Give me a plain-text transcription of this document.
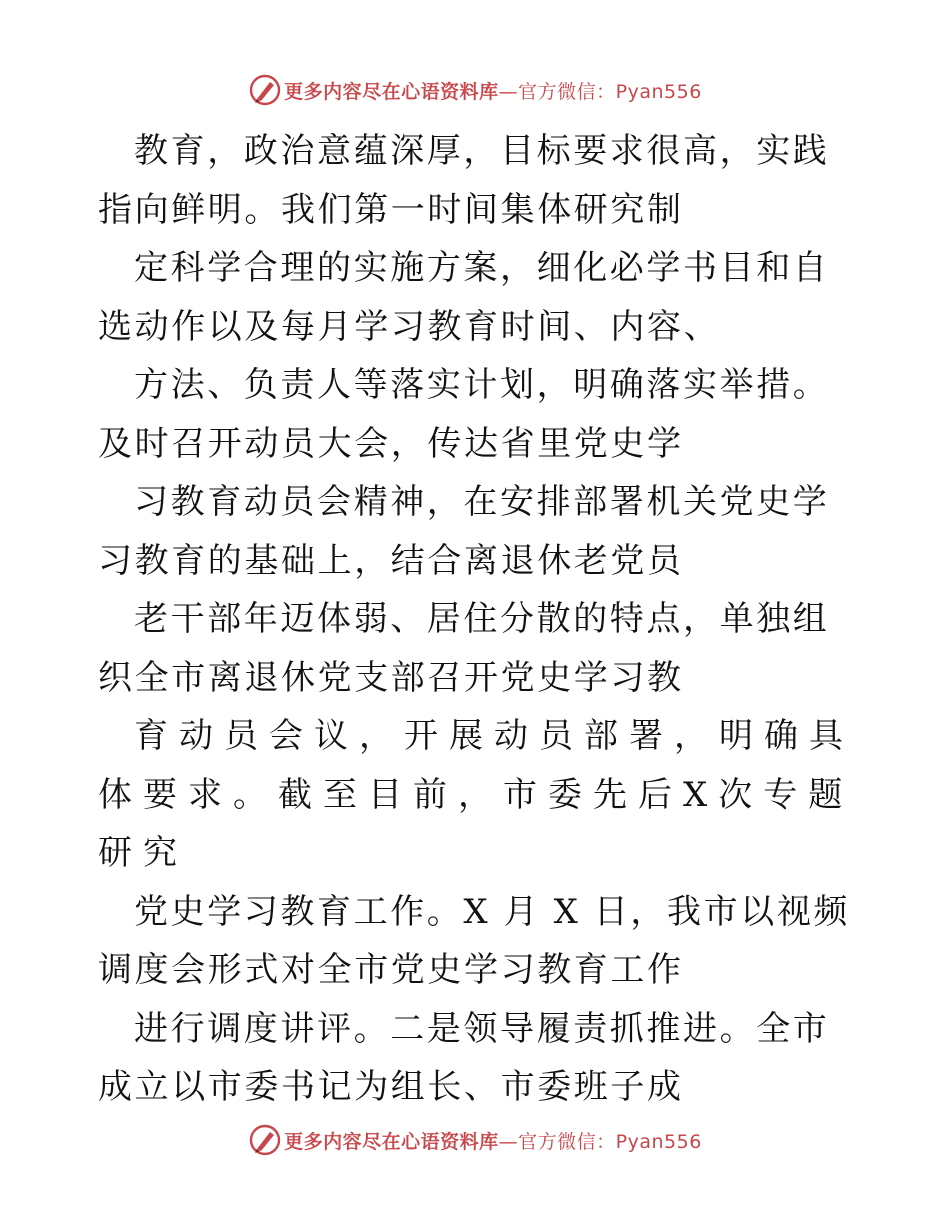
更多内容尽在心语资料库 —官方微信：Pyan556

教育，政治意蕴深厚，目标要求很高，实践指向鲜明。我们第一时间集体研究制

定科学合理的实施方案，细化必学书目和自选动作以及每月学习教育时间、内容、

方法、负责人等落实计划，明确落实举措。及时召开动员大会，传达省里党史学

习教育动员会精神，在安排部署机关党史学习教育的基础上，结合离退休老党员

老干部年迈体弱、居住分散的特点，单独组织全市离退休党支部召开党史学习教

育动员会议，开展动员部署，明确具体要求。截至目前，市委先后X次专题研究

党史学习教育工作。X 月 X 日，我市以视频调度会形式对全市党史学习教育工作

进行调度讲评。二是领导履责抓推进。全市成立以市委书记为组长、市委班子成

更多内容尽在心语资料库 —官方微信：Pyan556
